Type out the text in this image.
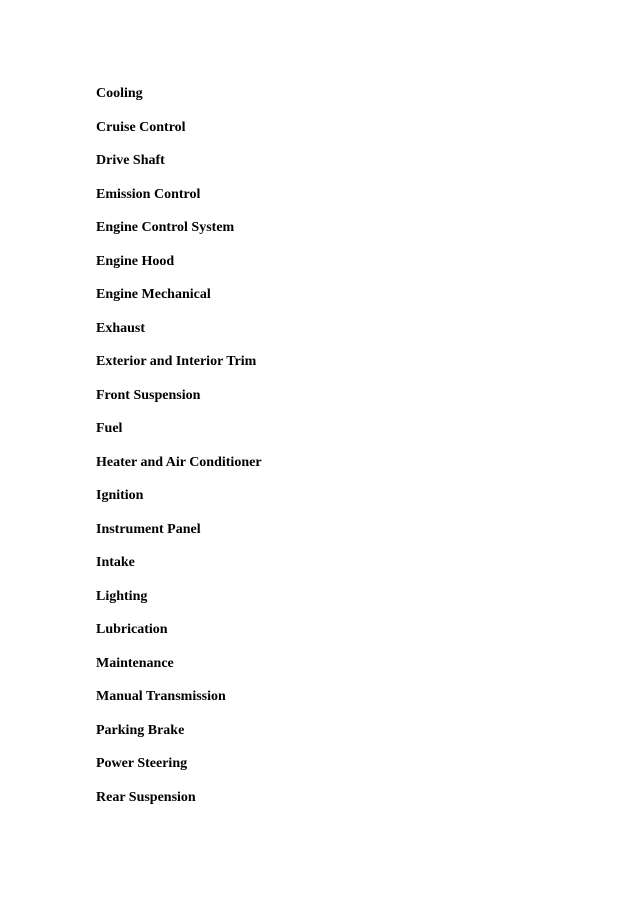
Cooling
Cruise Control
Drive Shaft
Emission Control
Engine Control System
Engine Hood
Engine Mechanical
Exhaust
Exterior and Interior Trim
Front Suspension
Fuel
Heater and Air Conditioner
Ignition
Instrument Panel
Intake
Lighting
Lubrication
Maintenance
Manual Transmission
Parking Brake
Power Steering
Rear Suspension
